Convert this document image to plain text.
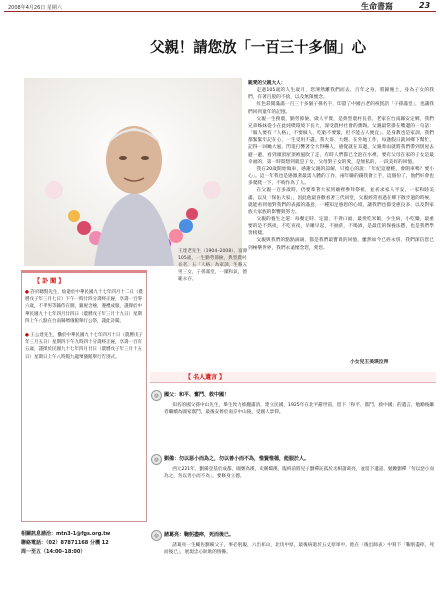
2008年4月26日 星期六	生命書寫	23
父親！請您放「一百三十多個」心
王達老先生（1904–2008）、富源105歲，一生勤勞節儉，典型農村長者，五「人格」為家訓，生養五男三女，子孫滿堂，一團和氣，德範永存。

親愛的父親大人：

走過105歲的人生歲月，您渾然離我們而去，百年之身，將歸塵土，身為子女的我們，有著百般的不捨，以及無限懷念。

紅色彩開滿滿一百三十多個子孫名字，印證了中國古老的祝賀語「子孫滿堂」，也讓我們回到童年的記憶。

父親一生務農，勤勞節儉，做人平實，是典型農村長者。老家在台南縣安定鄉，我們兄弟姊妹從小在此純樸環境下長大，深受農村社會的薰陶。父親最常掛在嘴邊的一句話：「做人要有『人格』，不要做人，吃虧不要緊，但不能占人便宜」。是身教也是家訓，我們都緊緊牢記在心，一生受用不盡。我大哥、大嫂、在外地工作，每逢假日就回鄉下幫忙，記得一回颱大風，閃電打響著全大得嚇人，感覺就在耳邊，父親牽雨就將我們帶到別屋去避一避，看到頭頂屋頂被風吹了走，有時人們都已全泡在水裡，要有父母在家的子女是最幸福的，第一時間想到就是子女，父母對子女的愛，是無私的，一段美好的回憶。

我在20歲開始做車，感謝父親的諒解，只擔心的說：「年紀這麼輕，會開車嗎？要小心」。這一年我也是感激著最需人體的工作，兩年賺的錢我會上手，這個份了，他們好會也多爬爬一下，不夠作為了人。

在父親一百多歲時，仍要牽著大家到廟裡參拜祭祖，並祈求家人平安，一家和睦美滿，以及「保佑大家」，因此他最喜歡看著三代同堂，父親經常看過在鄉下散步過的時候，就能看到他對我們的表露的滿意，一種知足感恩的心境，讓我們也都受惠良多，以及對家族大家族的影響與努力。

父親的養生之道：每餐定時、定量，不貪口福，最愛吃米飯，少生病，小吃藥，最重要的是不熬夜，不吃宵夜，早睡早起，不抽菸，不喝酒，是最佳的保養法寶，也是我們學習榜樣。

父親與我們的點點滴滴，都是我們最寶貴的回憶，雖然如今已經永別，我們深信您已到極樂世界，我們永遠懷念您，愛您。

小女兒王美瑛泣拜
【 訃 聞 】

● 許府聰賢先生，仙逝於中華民國九十七年四月十二日（農曆戊子年三月七日）下午一時廿四分壽終正寢，享壽一百零六歲，不孝男等隨侍在側，親視含殮，遵禮成服，謹擇於中華民國九十七年四月廿四日（農曆戊子年三月十九日）星期四上午八點在台南縣殯儀館舉行公祭，謹此訃聞。

● 王公達先生，慟於中華民國九十七年四月十日（農曆戊子年三月五日）星期四下午九時四十分壽終正寢，享壽一百有五歲，謹擇於民國九十七年四月廿日（農曆戊子年三月十五日）星期日上午八時假九龍殯儀館舉行告別式。

相關訊息請洽：mtn3-1@fgs.org.tw
聯絡電話：（02）87871168 分機 12
周一至五（14:00–18:00）
【 名人遺言 】
◎	國父：和平、奮鬥、救中國！

知名的國父孫中山先生，畢生致力推翻滿清，建立民國，1925年在北平辭世前，留下「和平、奮鬥、救中國」的遺言，勉勵後繼者繼續為國家奮鬥，最後安葬於南京中山陵，受國人景仰。

◎	劉備：勿以惡小而為之，勿以善小而不為，惟賢惟德，能服於人。

西元221年，劉備登基於成都，國號為漢，史稱蜀漢。臨終前將兒子劉禪託孤於丞相諸葛亮，並留下遺詔，勉勵劉禪「勿以惡小而為之，勿以善小而不為」，要修身立德。

◎	諸葛亮：鞠躬盡瘁，死而後已。

諸葛亮一生輔佐劉備父子，事必躬親，六出祁山，北伐中原，最後病逝於五丈原軍中。他在〈後出師表〉中寫下「鞠躬盡瘁，死而後已」，展現忠心耿耿的情操。
